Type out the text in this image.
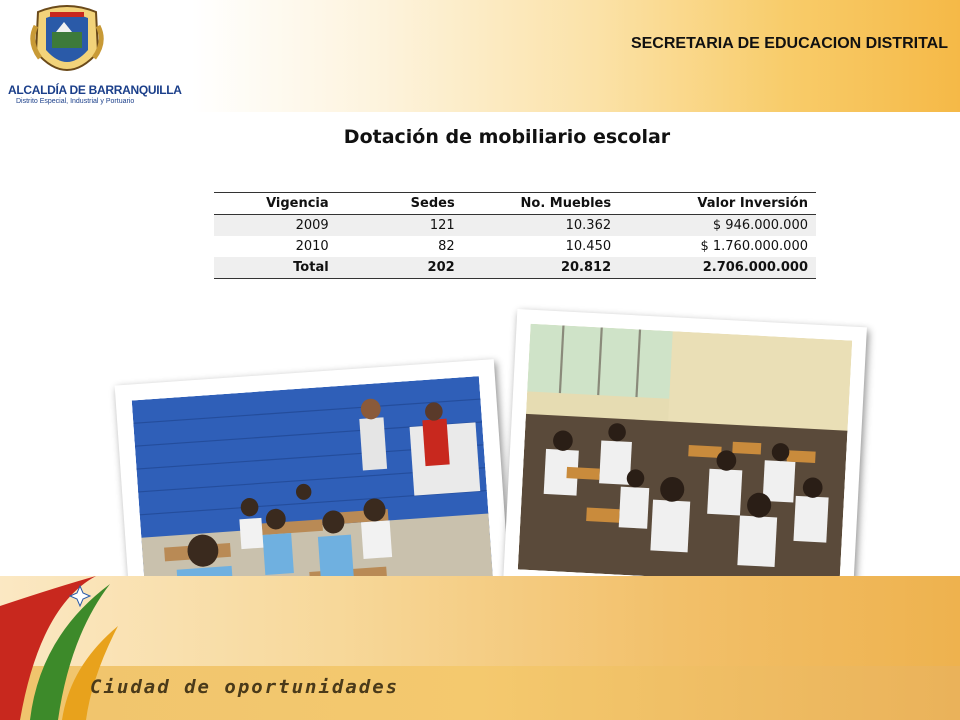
ALCALDÍA DE BARRANQUILLA
Distrito Especial, Industrial y Portuario
SECRETARIA DE EDUCACION DISTRITAL
Dotación de mobiliario escolar
Vigencia	Sedes	No. Muebles	Valor Inversión
2009	121	10.362	$ 946.000.000
2010	82	10.450	$ 1.760.000.000
Total	202	20.812	2.706.000.000
Ciudad de oportunidades
